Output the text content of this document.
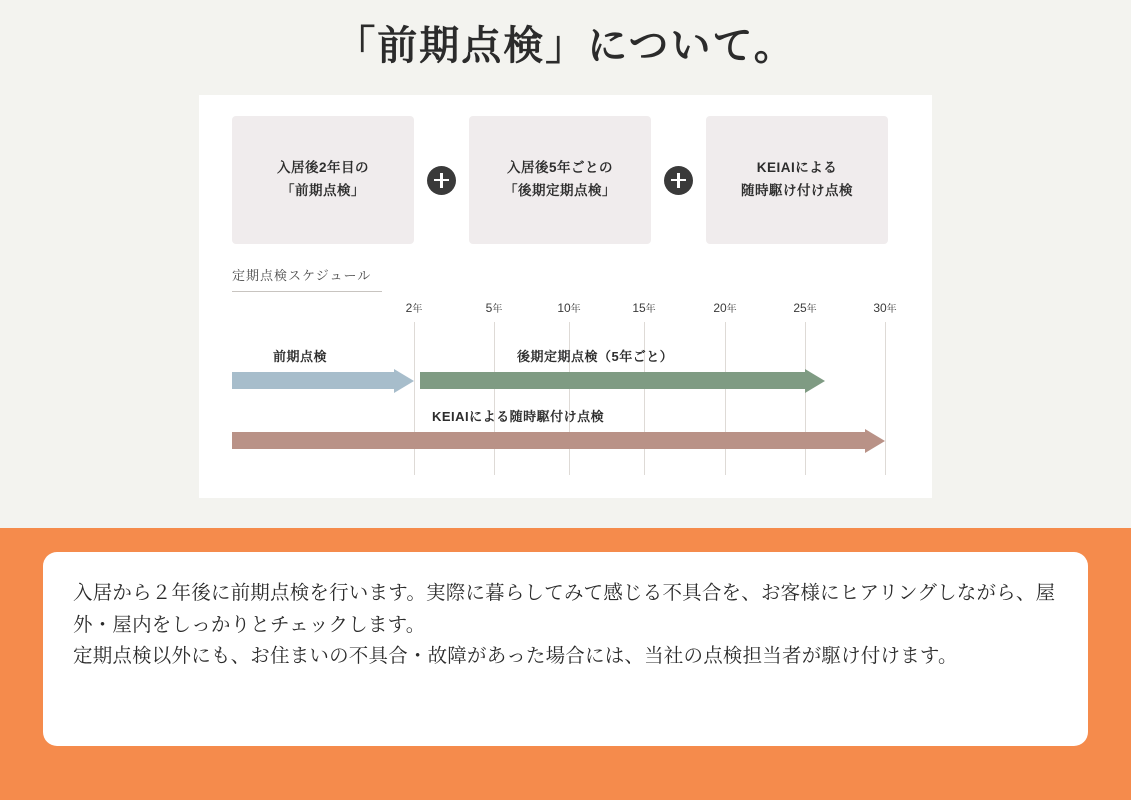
「前期点検」について。
入居後2年目の
「前期点検」
入居後5年ごとの
「後期定期点検」
KEIAIによる
随時駆け付け点検
定期点検スケジュール
2年	5年	10年	15年	20年	25年	30年
前期点検	後期定期点検（5年ごと）
KEIAIによる随時駆付け点検
入居から２年後に前期点検を行います。実際に暮らしてみて感じる不具合を、お客様にヒアリングしながら、屋外・屋内をしっかりとチェックします。
定期点検以外にも、お住まいの不具合・故障があった場合には、当社の点検担当者が駆け付けます。
